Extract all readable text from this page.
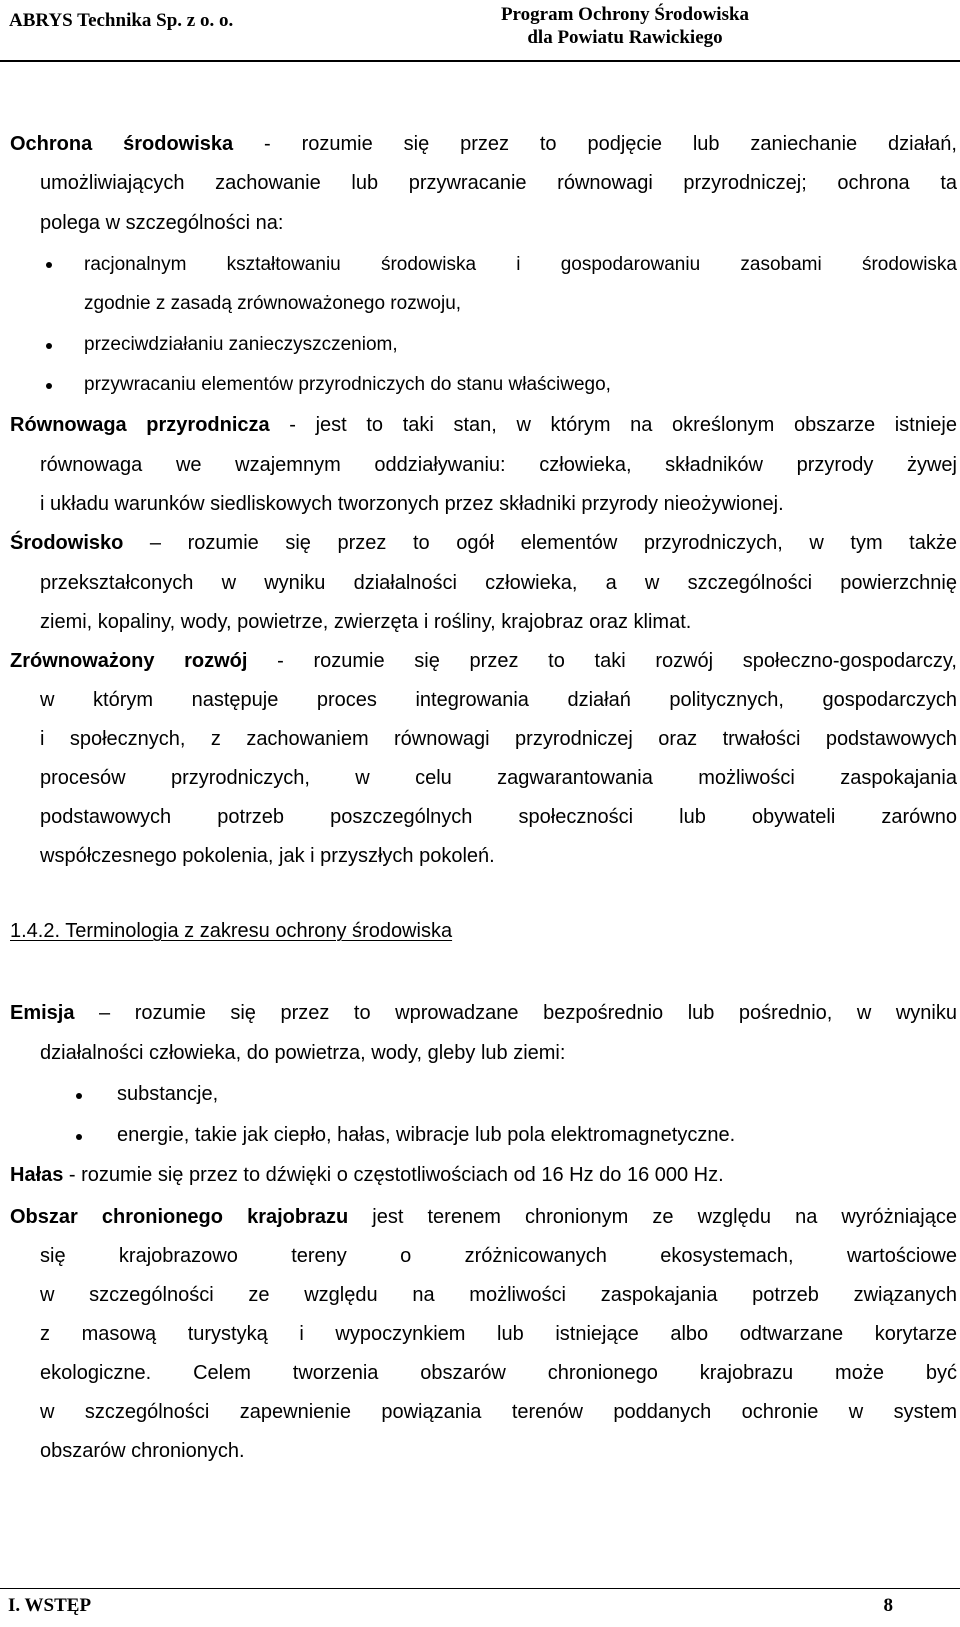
ABRYS Technika Sp. z o. o.	Program Ochrony Środowiska
dla Powiatu Rawickiego
Ochrona środowiska - rozumie się przez to podjęcie lub zaniechanie działań,
umożliwiających zachowanie lub przywracanie równowagi przyrodniczej; ochrona ta
polega w szczególności na:
racjonalnym kształtowaniu środowiska i gospodarowaniu zasobami środowiska
zgodnie z zasadą zrównoważonego rozwoju,
przeciwdziałaniu zanieczyszczeniom,
przywracaniu elementów przyrodniczych do stanu właściwego,
Równowaga przyrodnicza - jest to taki stan, w którym na określonym obszarze istnieje
równowaga we wzajemnym oddziaływaniu: człowieka, składników przyrody żywej
i układu warunków siedliskowych tworzonych przez składniki przyrody nieożywionej.
Środowisko – rozumie się przez to ogół elementów przyrodniczych, w tym także
przekształconych w wyniku działalności człowieka, a w szczególności powierzchnię
ziemi, kopaliny, wody, powietrze, zwierzęta i rośliny, krajobraz oraz klimat.
Zrównoważony rozwój - rozumie się przez to taki rozwój społeczno-gospodarczy,
w którym następuje proces integrowania działań politycznych, gospodarczych
i społecznych, z zachowaniem równowagi przyrodniczej oraz trwałości podstawowych
procesów przyrodniczych, w celu zagwarantowania możliwości zaspokajania
podstawowych potrzeb poszczególnych społeczności lub obywateli zarówno
współczesnego pokolenia, jak i przyszłych pokoleń.
1.4.2. Terminologia z zakresu ochrony środowiska
Emisja – rozumie się przez to wprowadzane bezpośrednio lub pośrednio, w wyniku
działalności człowieka, do powietrza, wody, gleby lub ziemi:
substancje,
energie, takie jak ciepło, hałas, wibracje lub pola elektromagnetyczne.
Hałas - rozumie się przez to dźwięki o częstotliwościach od 16 Hz do 16 000 Hz.
Obszar chronionego krajobrazu jest terenem chronionym ze względu na wyróżniające
się krajobrazowo tereny o zróżnicowanych ekosystemach, wartościowe
w szczególności ze względu na możliwości zaspokajania potrzeb związanych
z masową turystyką i wypoczynkiem lub istniejące albo odtwarzane korytarze
ekologiczne. Celem tworzenia obszarów chronionego krajobrazu może być
w szczególności zapewnienie powiązania terenów poddanych ochronie w system
obszarów chronionych.
I. WSTĘP	8
